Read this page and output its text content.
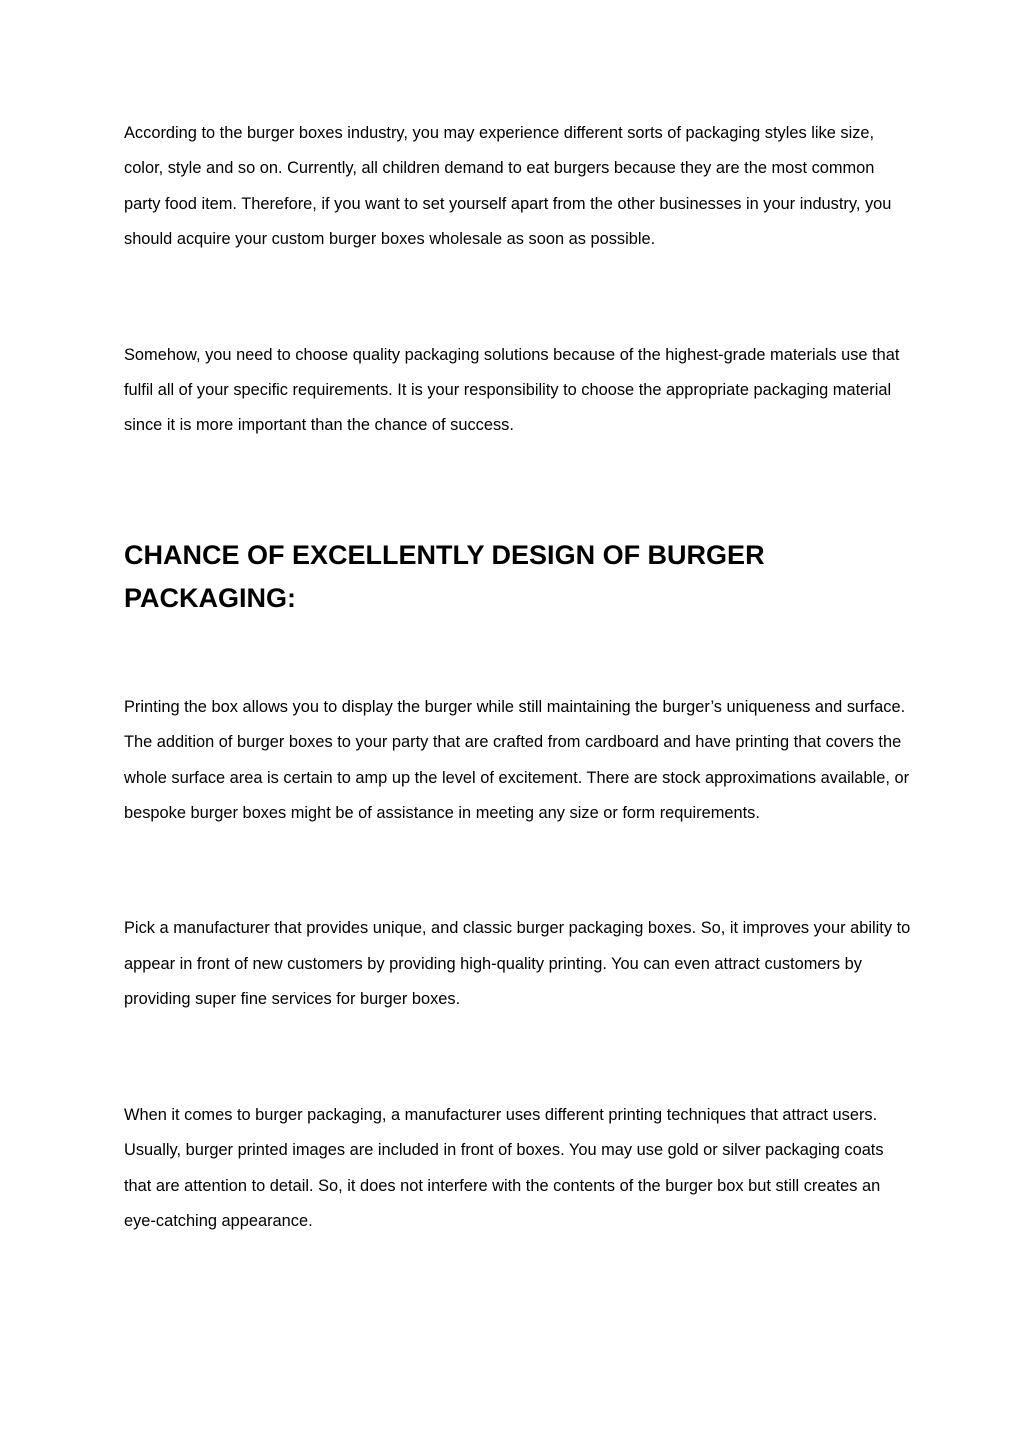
According to the burger boxes industry, you may experience different sorts of packaging styles like size, color, style and so on. Currently, all children demand to eat burgers because they are the most common party food item. Therefore, if you want to set yourself apart from the other businesses in your industry, you should acquire your custom burger boxes wholesale as soon as possible.

Somehow, you need to choose quality packaging solutions because of the highest-grade materials use that fulfil all of your specific requirements. It is your responsibility to choose the appropriate packaging material since it is more important than the chance of success.

CHANCE OF EXCELLENTLY DESIGN OF BURGER PACKAGING:

Printing the box allows you to display the burger while still maintaining the burger’s uniqueness and surface. The addition of burger boxes to your party that are crafted from cardboard and have printing that covers the whole surface area is certain to amp up the level of excitement. There are stock approximations available, or bespoke burger boxes might be of assistance in meeting any size or form requirements.

Pick a manufacturer that provides unique, and classic burger packaging boxes. So, it improves your ability to appear in front of new customers by providing high-quality printing. You can even attract customers by providing super fine services for burger boxes.

When it comes to burger packaging, a manufacturer uses different printing techniques that attract users. Usually, burger printed images are included in front of boxes. You may use gold or silver packaging coats that are attention to detail. So, it does not interfere with the contents of the burger box but still creates an eye-catching appearance.
